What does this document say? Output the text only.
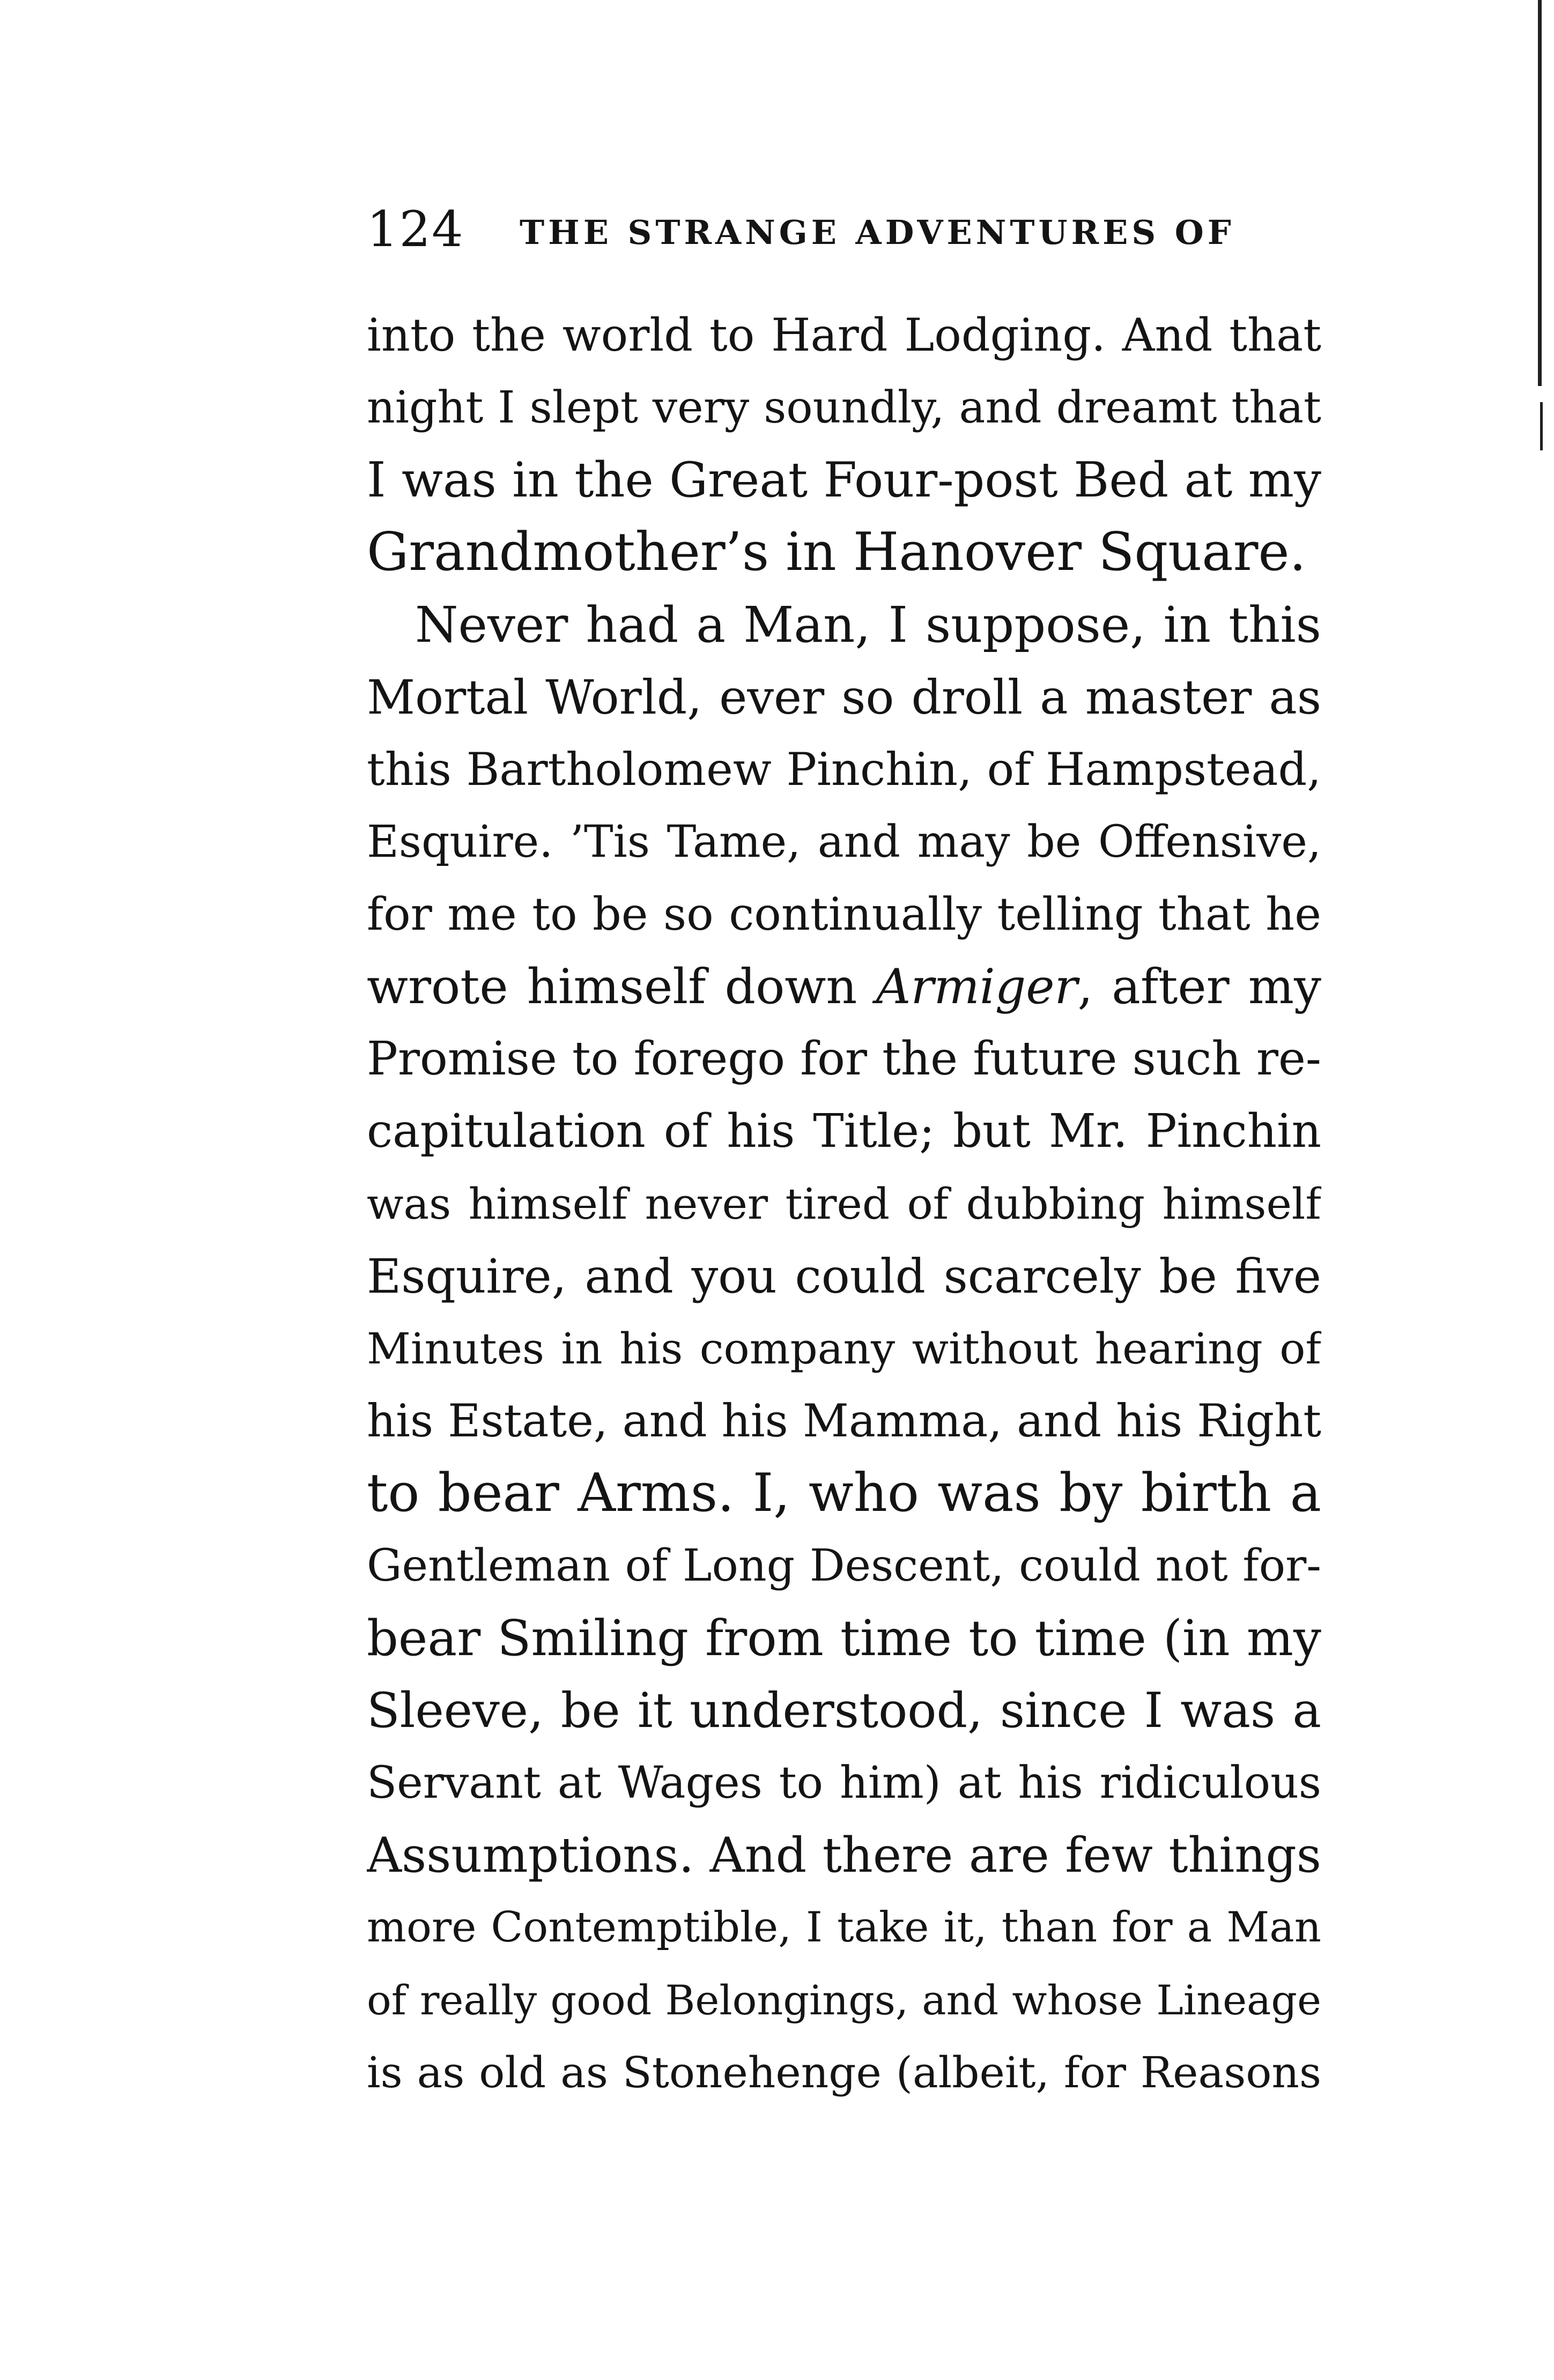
124 THE STRANGE ADVENTURES OF
into the world to Hard Lodging. And that
night I slept very soundly, and dreamt that
I was in the Great Four-post Bed at my
Grandmother’s in Hanover Square.
Never had a Man, I suppose, in this
Mortal World, ever so droll a master as
this Bartholomew Pinchin, of Hampstead,
Esquire. ’Tis Tame, and may be Offensive,
for me to be so continually telling that he
wrote himself down Armiger, after my
Promise to forego for the future such re-
capitulation of his Title; but Mr. Pinchin
was himself never tired of dubbing himself
Esquire, and you could scarcely be five
Minutes in his company without hearing of
his Estate, and his Mamma, and his Right
to bear Arms. I, who was by birth a
Gentleman of Long Descent, could not for-
bear Smiling from time to time (in my
Sleeve, be it understood, since I was a
Servant at Wages to him) at his ridiculous
Assumptions. And there are few things
more Contemptible, I take it, than for a Man
of really good Belongings, and whose Lineage
is as old as Stonehenge (albeit, for Reasons
